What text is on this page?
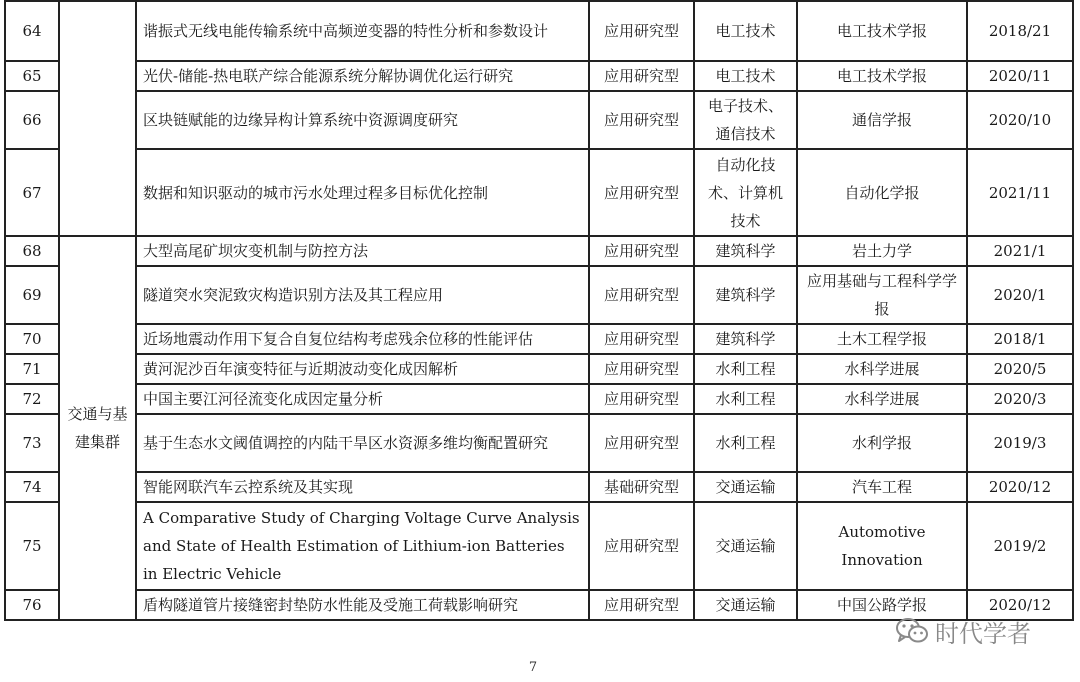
64		谐振式无线电能传输系统中高频逆变器的特性分析和参数设计	应用研究型	电工技术	电工技术学报	2018/21
65		光伏-储能-热电联产综合能源系统分解协调优化运行研究	应用研究型	电工技术	电工技术学报	2020/11
66		区块链赋能的边缘异构计算系统中资源调度研究	应用研究型	电子技术、通信技术	通信学报	2020/10
67		数据和知识驱动的城市污水处理过程多目标优化控制	应用研究型	自动化技术、计算机技术	自动化学报	2021/11
68	交通与基建集群	大型高尾矿坝灾变机制与防控方法	应用研究型	建筑科学	岩土力学	2021/1
69		隧道突水突泥致灾构造识别方法及其工程应用	应用研究型	建筑科学	应用基础与工程科学学报	2020/1
70		近场地震动作用下复合自复位结构考虑残余位移的性能评估	应用研究型	建筑科学	土木工程学报	2018/1
71		黄河泥沙百年演变特征与近期波动变化成因解析	应用研究型	水利工程	水科学进展	2020/5
72		中国主要江河径流变化成因定量分析	应用研究型	水利工程	水科学进展	2020/3
73		基于生态水文阈值调控的内陆干旱区水资源多维均衡配置研究	应用研究型	水利工程	水利学报	2019/3
74		智能网联汽车云控系统及其实现	基础研究型	交通运输	汽车工程	2020/12
75		A Comparative Study of Charging Voltage Curve Analysis and State of Health Estimation of Lithium-ion Batteries in Electric Vehicle	应用研究型	交通运输	Automotive Innovation	2019/2
76		盾构隧道管片接缝密封垫防水性能及受施工荷载影响研究	应用研究型	交通运输	中国公路学报	2020/12
时代学者
7
